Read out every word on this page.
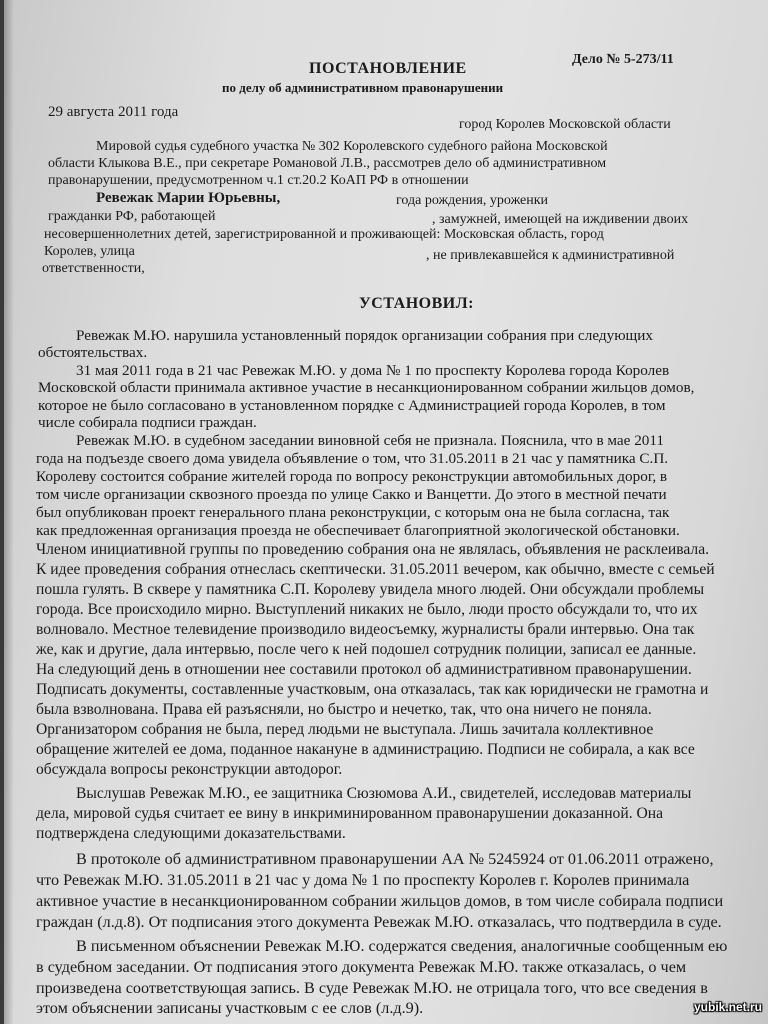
Дело № 5-273/11
ПОСТАНОВЛЕНИЕ
по делу об административном правонарушении
29 августа 2011 года
город Королев Московской области
Мировой судья судебного участка № 302 Королевского судебного района Московской
области Клыкова В.Е., при секретаре Романовой Л.В., рассмотрев дело об административном
правонарушении, предусмотренном ч.1 ст.20.2 КоАП РФ в отношении
Ревежак Марии Юрьевны,	года рождения, уроженки
гражданки РФ, работающей	, замужней, имеющей на иждивении двоих
несовершеннолетних детей, зарегистрированной и проживающей: Московская область, город
Королев, улица	, не привлекавшейся к административной
ответственности,
УСТАНОВИЛ:
Ревежак М.Ю. нарушила установленный порядок организации собрания при следующих
обстоятельствах.
31 мая 2011 года в 21 час Ревежак М.Ю. у дома № 1 по проспекту Королева города Королев
Московской области принимала активное участие в несанкционированном собрании жильцов домов,
которое не было согласовано в установленном порядке с Администрацией города Королев, в том
числе собирала подписи граждан.
Ревежак М.Ю. в судебном заседании виновной себя не признала. Пояснила, что в мае 2011
года на подъезде своего дома увидела объявление о том, что 31.05.2011 в 21 час у памятника С.П.
Королеву состоится собрание жителей города по вопросу реконструкции автомобильных дорог, в
том числе организации сквозного проезда по улице Сакко и Ванцетти. До этого в местной печати
был опубликован проект генерального плана реконструкции, с которым она не была согласна, так
как предложенная организация проезда не обеспечивает благоприятной экологической обстановки.
Членом инициативной группы по проведению собрания она не являлась, объявления не расклеивала.
К идее проведения собрания отнеслась скептически. 31.05.2011 вечером, как обычно, вместе с семьей
пошла гулять. В сквере у памятника С.П. Королеву увидела много людей. Они обсуждали проблемы
города. Все происходило мирно. Выступлений никаких не было, люди просто обсуждали то, что их
волновало. Местное телевидение производило видеосъемку, журналисты брали интервью. Она так
же, как и другие, дала интервью, после чего к ней подошел сотрудник полиции, записал ее данные.
На следующий день в отношении нее составили протокол об административном правонарушении.
Подписать документы, составленные участковым, она отказалась, так как юридически не грамотна и
была взволнована. Права ей разъясняли, но быстро и нечетко, так, что она ничего не поняла.
Организатором собрания не была, перед людьми не выступала. Лишь зачитала коллективное
обращение жителей ее дома, поданное накануне в администрацию. Подписи не собирала, а как все
обсуждала вопросы реконструкции автодорог.
Выслушав Ревежак М.Ю., ее защитника Сюзюмова А.И., свидетелей, исследовав материалы
дела, мировой судья считает ее вину в инкриминированном правонарушении доказанной. Она
подтверждена следующими доказательствами.
В протоколе об административном правонарушении АА № 5245924 от 01.06.2011 отражено,
что Ревежак М.Ю. 31.05.2011 в 21 час у дома № 1 по проспекту Королев г. Королев принимала
активное участие в несанкционированном собрании жильцов домов, в том числе собирала подписи
граждан (л.д.8). От подписания этого документа Ревежак М.Ю. отказалась, что подтвердила в суде.
В письменном объяснении Ревежак М.Ю. содержатся сведения, аналогичные сообщенным ею
в судебном заседании. От подписания этого документа Ревежак М.Ю. также отказалась, о чем
произведена соответствующая запись. В суде Ревежак М.Ю. не отрицала того, что все сведения в
этом объяснении записаны участковым с ее слов (л.д.9).	yubik.net.ru
